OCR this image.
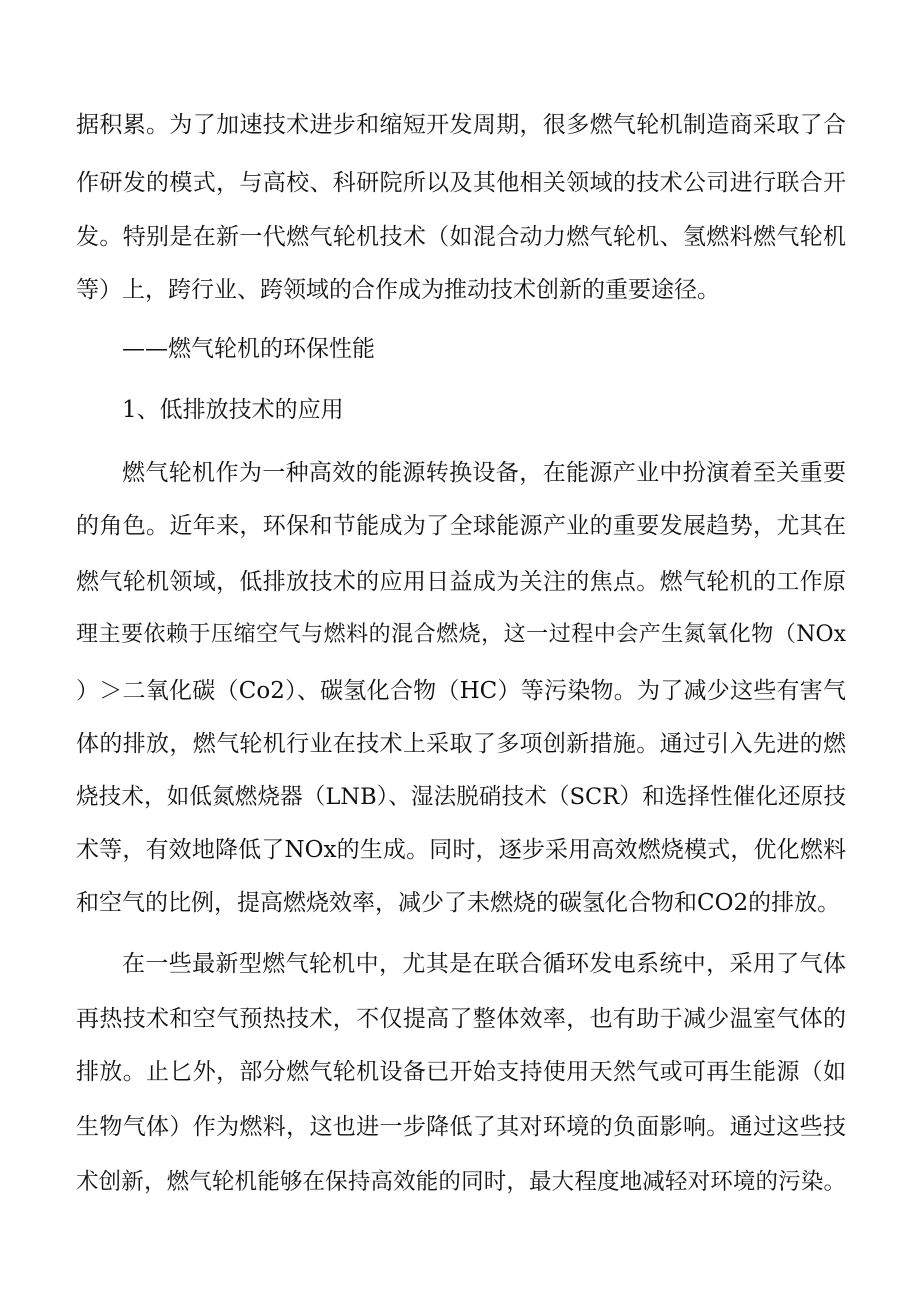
据积累。为了加速技术进步和缩短开发周期，很多燃气轮机制造商采取了合
作研发的模式，与高校、科研院所以及其他相关领域的技术公司进行联合开
发。特别是在新一代燃气轮机技术（如混合动力燃气轮机、氢燃料燃气轮机
等）上，跨行业、跨领域的合作成为推动技术创新的重要途径。
——燃气轮机的环保性能
1、低排放技术的应用
燃气轮机作为一种高效的能源转换设备，在能源产业中扮演着至关重要
的角色。近年来，环保和节能成为了全球能源产业的重要发展趋势，尤其在
燃气轮机领域，低排放技术的应用日益成为关注的焦点。燃气轮机的工作原
理主要依赖于压缩空气与燃料的混合燃烧，这一过程中会产生氮氧化物（NOx
）＞二氧化碳（Co2）、碳氢化合物（HC）等污染物。为了减少这些有害气
体的排放，燃气轮机行业在技术上采取了多项创新措施。通过引入先进的燃
烧技术，如低氮燃烧器（LNB）、湿法脱硝技术（SCR）和选择性催化还原技
术等，有效地降低了NOx的生成。同时，逐步采用高效燃烧模式，优化燃料
和空气的比例，提高燃烧效率，减少了未燃烧的碳氢化合物和CO2的排放。
在一些最新型燃气轮机中，尤其是在联合循环发电系统中，采用了气体
再热技术和空气预热技术，不仅提高了整体效率，也有助于减少温室气体的
排放。止匕外，部分燃气轮机设备已开始支持使用天然气或可再生能源（如
生物气体）作为燃料，这也进一步降低了其对环境的负面影响。通过这些技
术创新，燃气轮机能够在保持高效能的同时，最大程度地减轻对环境的污染。
